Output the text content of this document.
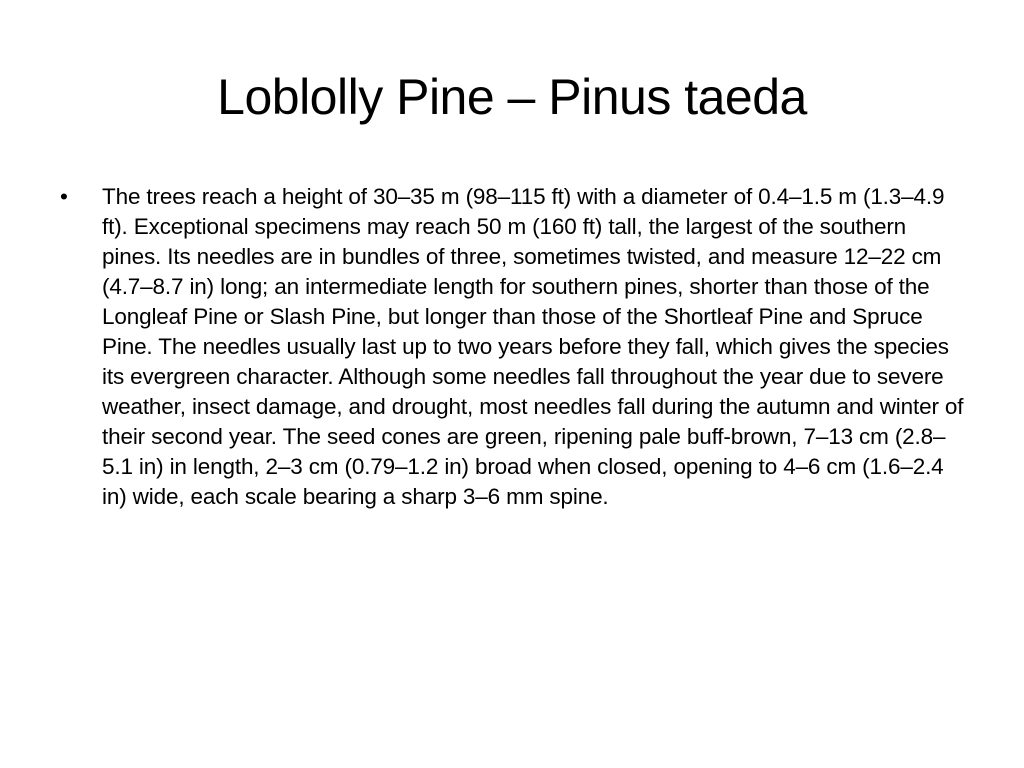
Loblolly Pine – Pinus taeda
•	The trees reach a height of 30–35 m (98–115 ft) with a diameter of 0.4–1.5 m (1.3–4.9 ft). Exceptional specimens may reach 50 m (160 ft) tall, the largest of the southern pines. Its needles are in bundles of three, sometimes twisted, and measure 12–22 cm (4.7–8.7 in) long; an intermediate length for southern pines, shorter than those of the Longleaf Pine or Slash Pine, but longer than those of the Shortleaf Pine and Spruce Pine. The needles usually last up to two years before they fall, which gives the species its evergreen character. Although some needles fall throughout the year due to severe weather, insect damage, and drought, most needles fall during the autumn and winter of their second year. The seed cones are green, ripening pale buff-brown, 7–13 cm (2.8–5.1 in) in length, 2–3 cm (0.79–1.2 in) broad when closed, opening to 4–6 cm (1.6–2.4 in) wide, each scale bearing a sharp 3–6 mm spine.
